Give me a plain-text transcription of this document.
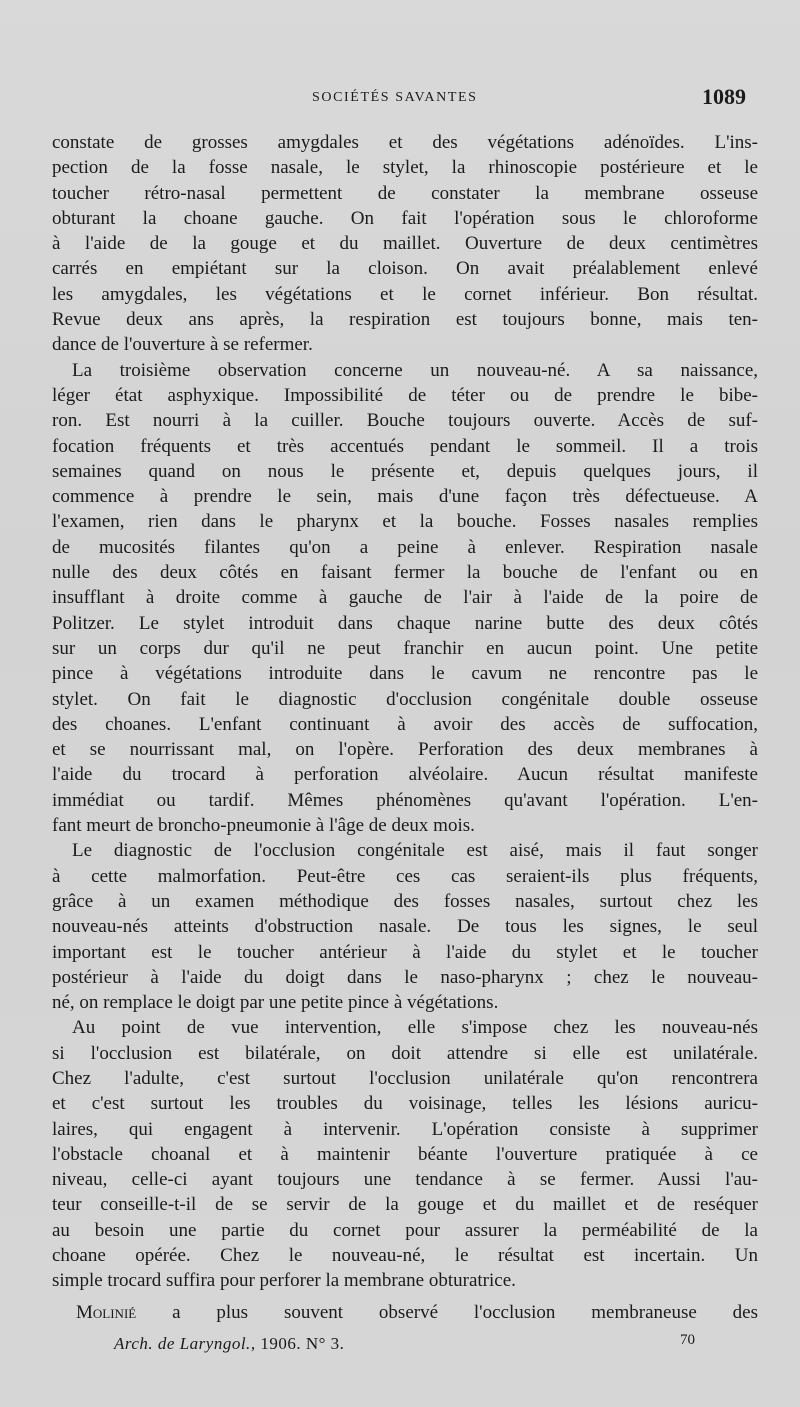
SOCIÉTÉS SAVANTES	1089
constate de grosses amygdales et des végétations adénoïdes. L'ins-
pection de la fosse nasale, le stylet, la rhinoscopie postérieure et le
toucher rétro-nasal permettent de constater la membrane osseuse
obturant la choane gauche. On fait l'opération sous le chloroforme
à l'aide de la gouge et du maillet. Ouverture de deux centimètres
carrés en empiétant sur la cloison. On avait préalablement enlevé
les amygdales, les végétations et le cornet inférieur. Bon résultat.
Revue deux ans après, la respiration est toujours bonne, mais ten-
dance de l'ouverture à se refermer.
La troisième observation concerne un nouveau-né. A sa naissance,
léger état asphyxique. Impossibilité de téter ou de prendre le bibe-
ron. Est nourri à la cuiller. Bouche toujours ouverte. Accès de suf-
focation fréquents et très accentués pendant le sommeil. Il a trois
semaines quand on nous le présente et, depuis quelques jours, il
commence à prendre le sein, mais d'une façon très défectueuse. A
l'examen, rien dans le pharynx et la bouche. Fosses nasales remplies
de mucosités filantes qu'on a peine à enlever. Respiration nasale
nulle des deux côtés en faisant fermer la bouche de l'enfant ou en
insufflant à droite comme à gauche de l'air à l'aide de la poire de
Politzer. Le stylet introduit dans chaque narine butte des deux côtés
sur un corps dur qu'il ne peut franchir en aucun point. Une petite
pince à végétations introduite dans le cavum ne rencontre pas le
stylet. On fait le diagnostic d'occlusion congénitale double osseuse
des choanes. L'enfant continuant à avoir des accès de suffocation,
et se nourrissant mal, on l'opère. Perforation des deux membranes à
l'aide du trocard à perforation alvéolaire. Aucun résultat manifeste
immédiat ou tardif. Mêmes phénomènes qu'avant l'opération. L'en-
fant meurt de broncho-pneumonie à l'âge de deux mois.
Le diagnostic de l'occlusion congénitale est aisé, mais il faut songer
à cette malmorfation. Peut-être ces cas seraient-ils plus fréquents,
grâce à un examen méthodique des fosses nasales, surtout chez les
nouveau-nés atteints d'obstruction nasale. De tous les signes, le seul
important est le toucher antérieur à l'aide du stylet et le toucher
postérieur à l'aide du doigt dans le naso-pharynx ; chez le nouveau-
né, on remplace le doigt par une petite pince à végétations.
Au point de vue intervention, elle s'impose chez les nouveau-nés
si l'occlusion est bilatérale, on doit attendre si elle est unilatérale.
Chez l'adulte, c'est surtout l'occlusion unilatérale qu'on rencontrera
et c'est surtout les troubles du voisinage, telles les lésions auricu-
laires, qui engagent à intervenir. L'opération consiste à supprimer
l'obstacle choanal et à maintenir béante l'ouverture pratiquée à ce
niveau, celle-ci ayant toujours une tendance à se fermer. Aussi l'au-
teur conseille-t-il de se servir de la gouge et du maillet et de reséquer
au besoin une partie du cornet pour assurer la perméabilité de la
choane opérée. Chez le nouveau-né, le résultat est incertain. Un
simple trocard suffira pour perforer la membrane obturatrice.
Molinié a plus souvent observé l'occlusion membraneuse des
Arch. de Laryngol., 1906. N° 3.	70
